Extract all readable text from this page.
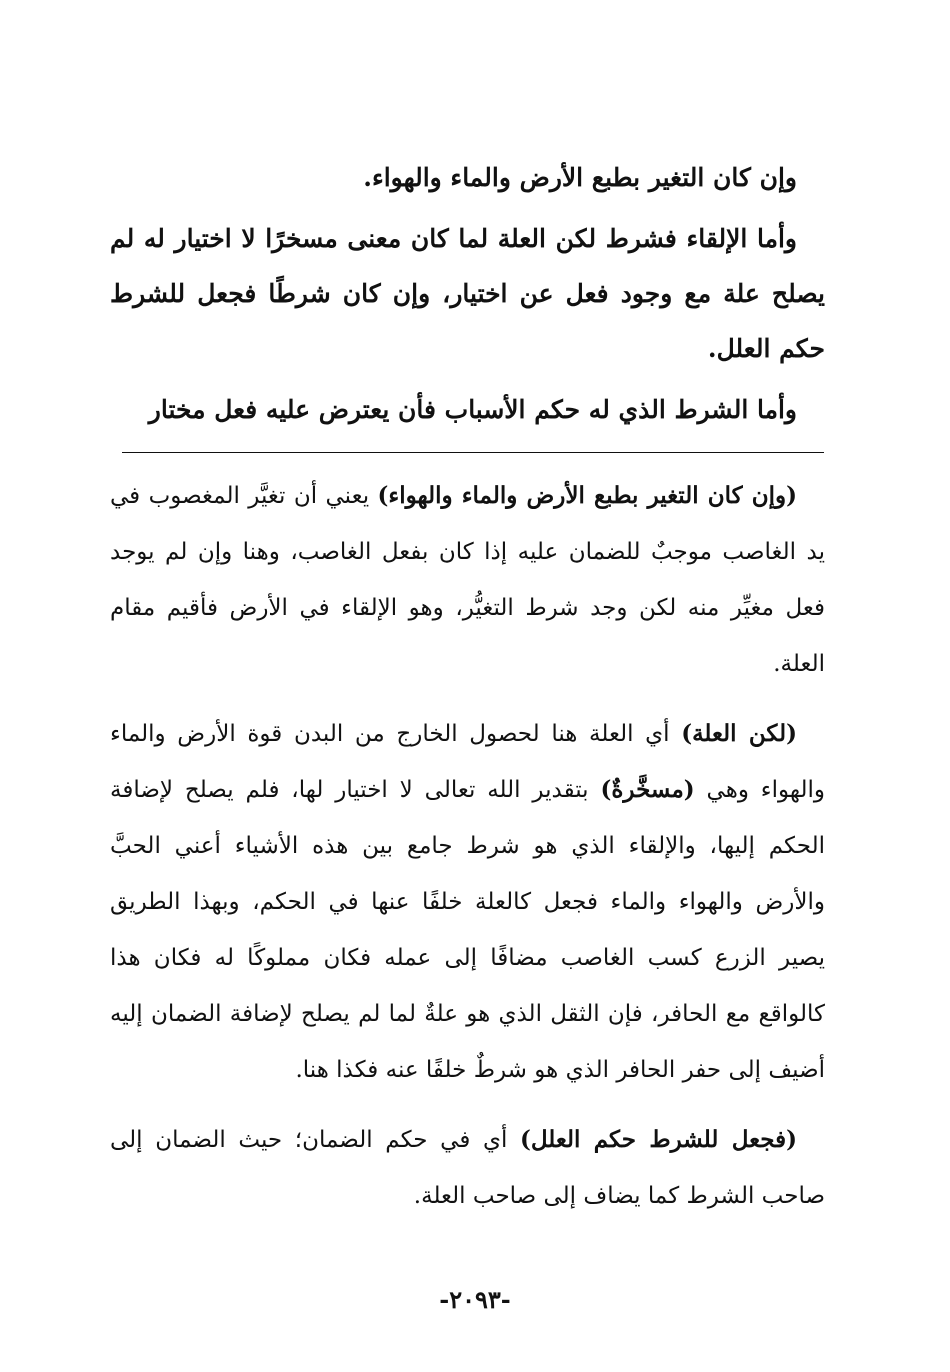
وإن كان التغير بطبع الأرض والماء والهواء.

وأما الإلقاء فشرط لكن العلة لما كان معنى مسخرًا لا اختيار له لم يصلح علة مع وجود فعل عن اختيار، وإن كان شرطًا فجعل للشرط حكم العلل.

وأما الشرط الذي له حكم الأسباب فأن يعترض عليه فعل مختار

(وإن كان التغير بطبع الأرض والماء والهواء) يعني أن تغيَّر المغصوب في يد الغاصب موجبٌ للضمان عليه إذا كان بفعل الغاصب، وهنا وإن لم يوجد فعل مغيِّر منه لكن وجد شرط التغيُّر، وهو الإلقاء في الأرض فأقيم مقام العلة.

(لكن العلة) أي العلة هنا لحصول الخارج من البدن قوة الأرض والماء والهواء وهي (مسخَّرةٌ) بتقدير الله تعالى لا اختيار لها، فلم يصلح لإضافة الحكم إليها، والإلقاء الذي هو شرط جامع بين هذه الأشياء أعني الحبَّ والأرض والهواء والماء فجعل كالعلة خلفًا عنها في الحكم، وبهذا الطريق يصير الزرع كسب الغاصب مضافًا إلى عمله فكان مملوكًا له فكان هذا كالواقع مع الحافر، فإن الثقل الذي هو علةٌ لما لم يصلح لإضافة الضمان إليه أضيف إلى حفر الحافر الذي هو شرطٌ خلفًا عنه فكذا هنا.

(فجعل للشرط حكم العلل) أي في حكم الضمان؛ حيث الضمان إلى صاحب الشرط كما يضاف إلى صاحب العلة.

-٢٠٩٣-
